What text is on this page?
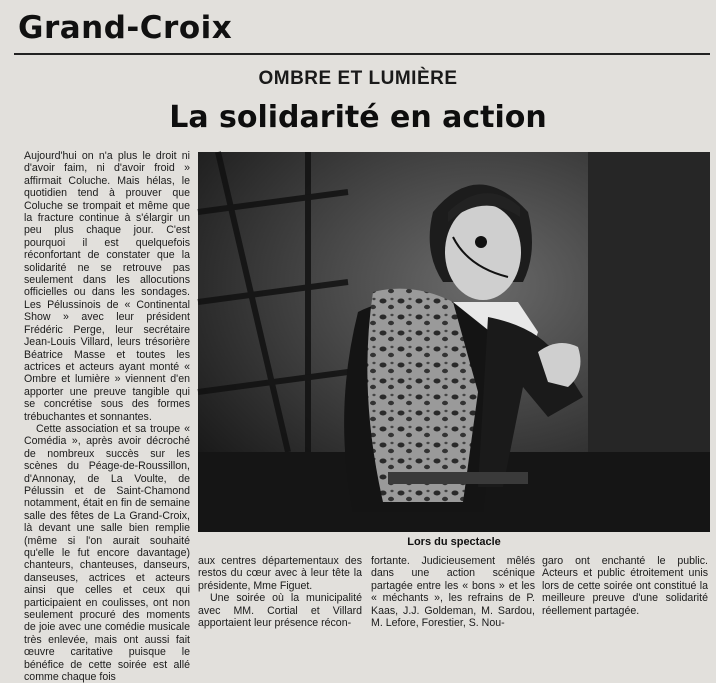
Grand-Croix
OMBRE ET LUMIÈRE
La solidarité en action

Aujourd'hui on n'a plus le droit ni d'avoir faim, ni d'avoir froid » affirmait Coluche. Mais hélas, le quotidien tend à prouver que Coluche se trompait et même que la fracture continue à s'élargir un peu plus chaque jour. C'est pourquoi il est quelquefois réconfortant de constater que la solidarité ne se retrouve pas seulement dans les allocutions officielles ou dans les sondages. Les Pélussinois de « Continental Show » avec leur président Frédéric Perge, leur secrétaire Jean-Louis Villard, leurs trésorière Béatrice Masse et toutes les actrices et acteurs ayant monté « Ombre et lumière » viennent d'en apporter une preuve tangible qui se concrétise sous des formes trébuchantes et sonnantes.

Cette association et sa troupe « Comédia », après avoir décroché de nombreux succès sur les scènes du Péage-de-Roussillon, d'Annonay, de La Voulte, de Pélussin et de Saint-Chamond notamment, était en fin de semaine salle des fêtes de La Grand-Croix, là devant une salle bien remplie (même si l'on aurait souhaité qu'elle le fut encore davantage) chanteurs, chanteuses, danseurs, danseuses, actrices et acteurs ainsi que celles et ceux qui participaient en coulisses, ont non seulement procuré des moments de joie avec une comédie musicale très enlevée, mais ont aussi fait œuvre caritative puisque le bénéfice de cette soirée est allé comme chaque fois

Lors du spectacle

aux centres départementaux des restos du cœur avec à leur tête la présidente, Mme Figuet.

Une soirée où la municipalité avec MM. Cortial et Villard apportaient leur présence récon-

fortante. Judicieusement mêlés dans une action scénique partagée entre les « bons » et les « méchants », les refrains de P. Kaas, J.J. Goldeman, M. Sardou, M. Lefore, Forestier, S. Nou-

garo ont enchanté le public. Acteurs et public étroitement unis lors de cette soirée ont constitué la meilleure preuve d'une solidarité réellement partagée.
